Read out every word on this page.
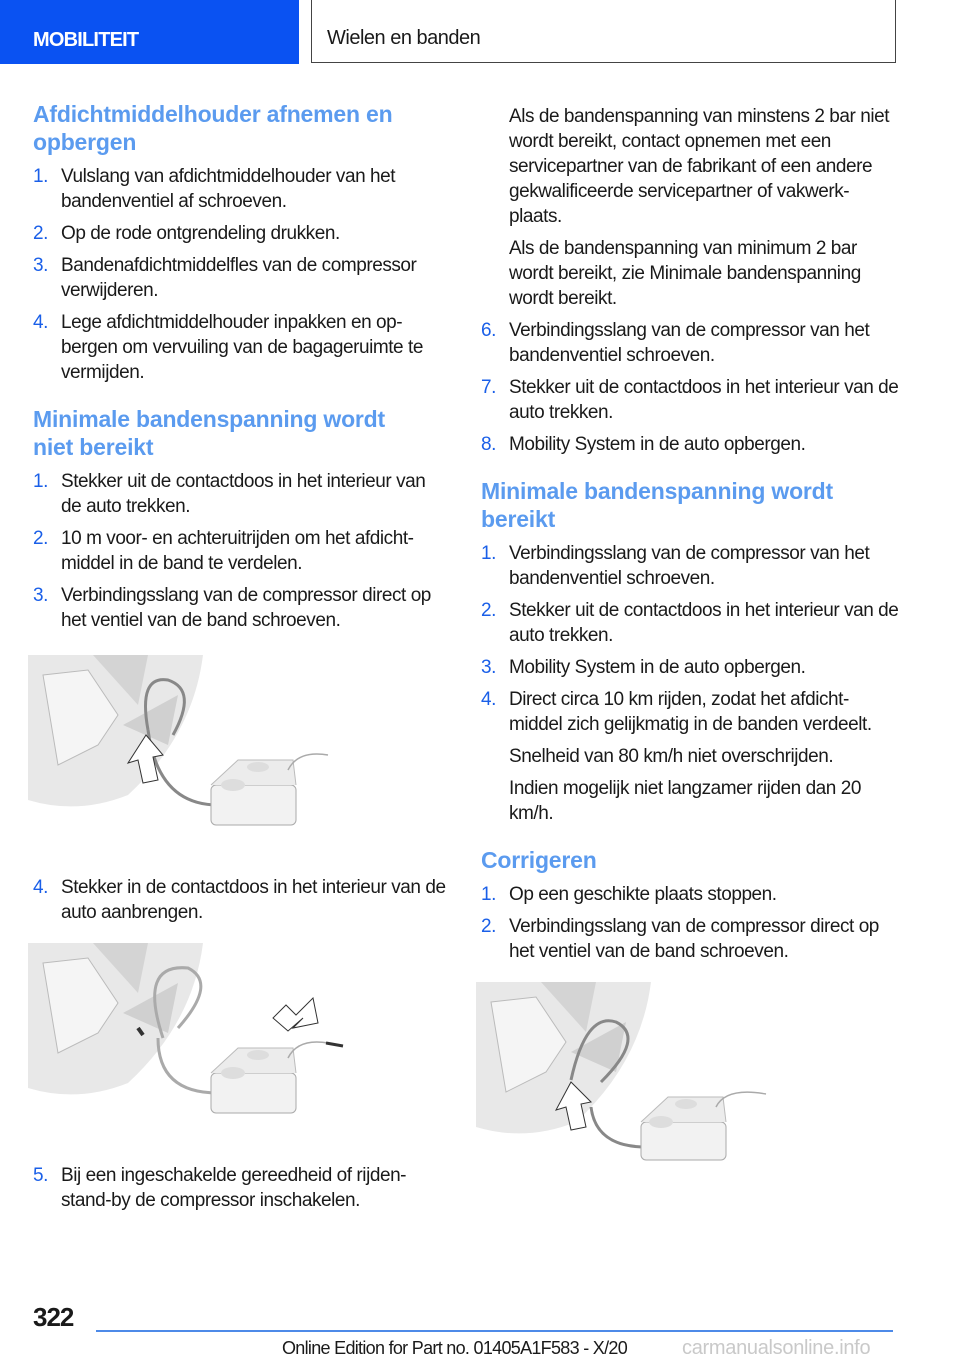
MOBILITEIT	Wielen en banden
Afdichtmiddelhouder afnemen en opbergen
1. Vulslang van afdichtmiddelhouder van het bandenventiel af schroeven.
2. Op de rode ontgrendeling drukken.
3. Bandenafdichtmiddelfles van de compressor verwijderen.
4. Lege afdichtmiddelhouder inpakken en op-bergen om vervuiling van de bagageruimte te vermijden.
Minimale bandenspanning wordt niet bereikt
1. Stekker uit de contactdoos in het interieur van de auto trekken.
2. 10 m voor- en achteruitrijden om het afdicht-middel in de band te verdelen.
3. Verbindingsslang van de compressor direct op het ventiel van de band schroeven.
4. Stekker in de contactdoos in het interieur van de auto aanbrengen.
5. Bij een ingeschakelde gereedheid of rijden-stand-by de compressor inschakelen.
Als de bandenspanning van minstens 2 bar niet wordt bereikt, contact opnemen met een servicepartner van de fabrikant of een andere gekwalificeerde servicepartner of vakwerk-plaats.
Als de bandenspanning van minimum 2 bar wordt bereikt, zie Minimale bandenspanning wordt bereikt.
6. Verbindingsslang van de compressor van het bandenventiel schroeven.
7. Stekker uit de contactdoos in het interieur van de auto trekken.
8. Mobility System in de auto opbergen.
Minimale bandenspanning wordt bereikt
1. Verbindingsslang van de compressor van het bandenventiel schroeven.
2. Stekker uit de contactdoos in het interieur van de auto trekken.
3. Mobility System in de auto opbergen.
4. Direct circa 10 km rijden, zodat het afdicht-middel zich gelijkmatig in de banden verdeelt.
Snelheid van 80 km/h niet overschrijden.
Indien mogelijk niet langzamer rijden dan 20 km/h.
Corrigeren
1. Op een geschikte plaats stoppen.
2. Verbindingsslang van de compressor direct op het ventiel van de band schroeven.
322
Online Edition for Part no. 01405A1F583 - X/20	carmanualsonline.info
